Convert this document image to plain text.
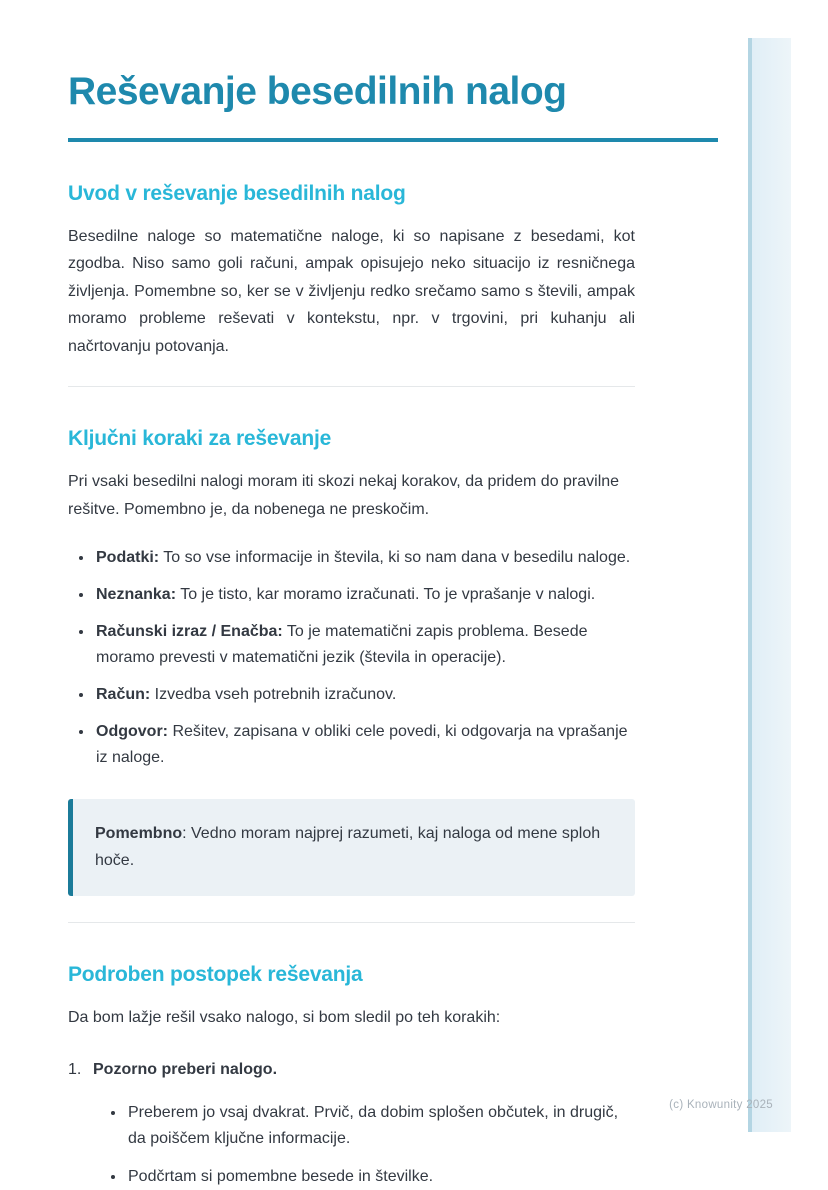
Reševanje besedilnih nalog
Uvod v reševanje besedilnih nalog

Besedilne naloge so matematične naloge, ki so napisane z besedami, kot zgodba. Niso samo goli računi, ampak opisujejo neko situacijo iz resničnega življenja. Pomembne so, ker se v življenju redko srečamo samo s števili, ampak moramo probleme reševati v kontekstu, npr. v trgovini, pri kuhanju ali načrtovanju potovanja.

Ključni koraki za reševanje

Pri vsaki besedilni nalogi moram iti skozi nekaj korakov, da pridem do pravilne rešitve. Pomembno je, da nobenega ne preskočim.

• Podatki: To so vse informacije in števila, ki so nam dana v besedilu naloge.
• Neznanka: To je tisto, kar moramo izračunati. To je vprašanje v nalogi.
• Računski izraz / Enačba: To je matematični zapis problema. Besede moramo prevesti v matematični jezik (števila in operacije).
• Račun: Izvedba vseh potrebnih izračunov.
• Odgovor: Rešitev, zapisana v obliki cele povedi, ki odgovarja na vprašanje iz naloge.

Pomembno: Vedno moram najprej razumeti, kaj naloga od mene sploh hoče.

Podroben postopek reševanja

Da bom lažje rešil vsako nalogo, si bom sledil po teh korakih:

1. Pozorno preberi nalogo.
• Preberem jo vsaj dvakrat. Prvič, da dobim splošen občutek, in drugič, da poiščem ključne informacije.
• Podčrtam si pomembne besede in številke.
(c) Knowunity 2025
